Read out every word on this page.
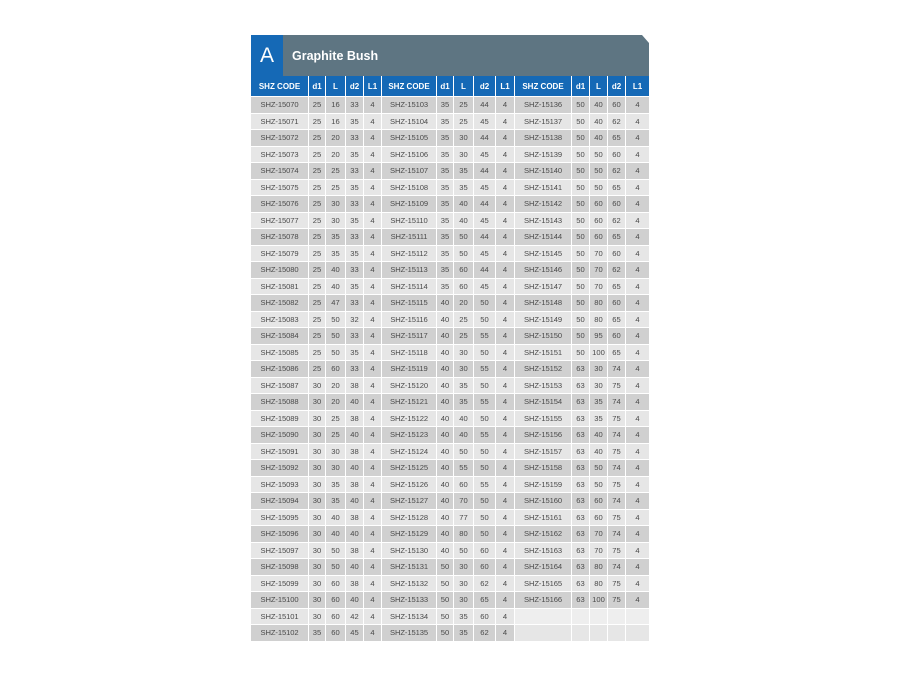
A	Graphite Bush
SHZ CODE	d1	L	d2	L1	SHZ CODE	d1	L	d2	L1	SHZ CODE	d1	L	d2	L1
SHZ-15070	25	16	33	4	SHZ-15103	35	25	44	4	SHZ-15136	50	40	60	4
SHZ-15071	25	16	35	4	SHZ-15104	35	25	45	4	SHZ-15137	50	40	62	4
SHZ-15072	25	20	33	4	SHZ-15105	35	30	44	4	SHZ-15138	50	40	65	4
SHZ-15073	25	20	35	4	SHZ-15106	35	30	45	4	SHZ-15139	50	50	60	4
SHZ-15074	25	25	33	4	SHZ-15107	35	35	44	4	SHZ-15140	50	50	62	4
SHZ-15075	25	25	35	4	SHZ-15108	35	35	45	4	SHZ-15141	50	50	65	4
SHZ-15076	25	30	33	4	SHZ-15109	35	40	44	4	SHZ-15142	50	60	60	4
SHZ-15077	25	30	35	4	SHZ-15110	35	40	45	4	SHZ-15143	50	60	62	4
SHZ-15078	25	35	33	4	SHZ-15111	35	50	44	4	SHZ-15144	50	60	65	4
SHZ-15079	25	35	35	4	SHZ-15112	35	50	45	4	SHZ-15145	50	70	60	4
SHZ-15080	25	40	33	4	SHZ-15113	35	60	44	4	SHZ-15146	50	70	62	4
SHZ-15081	25	40	35	4	SHZ-15114	35	60	45	4	SHZ-15147	50	70	65	4
SHZ-15082	25	47	33	4	SHZ-15115	40	20	50	4	SHZ-15148	50	80	60	4
SHZ-15083	25	50	32	4	SHZ-15116	40	25	50	4	SHZ-15149	50	80	65	4
SHZ-15084	25	50	33	4	SHZ-15117	40	25	55	4	SHZ-15150	50	95	60	4
SHZ-15085	25	50	35	4	SHZ-15118	40	30	50	4	SHZ-15151	50	100	65	4
SHZ-15086	25	60	33	4	SHZ-15119	40	30	55	4	SHZ-15152	63	30	74	4
SHZ-15087	30	20	38	4	SHZ-15120	40	35	50	4	SHZ-15153	63	30	75	4
SHZ-15088	30	20	40	4	SHZ-15121	40	35	55	4	SHZ-15154	63	35	74	4
SHZ-15089	30	25	38	4	SHZ-15122	40	40	50	4	SHZ-15155	63	35	75	4
SHZ-15090	30	25	40	4	SHZ-15123	40	40	55	4	SHZ-15156	63	40	74	4
SHZ-15091	30	30	38	4	SHZ-15124	40	50	50	4	SHZ-15157	63	40	75	4
SHZ-15092	30	30	40	4	SHZ-15125	40	55	50	4	SHZ-15158	63	50	74	4
SHZ-15093	30	35	38	4	SHZ-15126	40	60	55	4	SHZ-15159	63	50	75	4
SHZ-15094	30	35	40	4	SHZ-15127	40	70	50	4	SHZ-15160	63	60	74	4
SHZ-15095	30	40	38	4	SHZ-15128	40	77	50	4	SHZ-15161	63	60	75	4
SHZ-15096	30	40	40	4	SHZ-15129	40	80	50	4	SHZ-15162	63	70	74	4
SHZ-15097	30	50	38	4	SHZ-15130	40	50	60	4	SHZ-15163	63	70	75	4
SHZ-15098	30	50	40	4	SHZ-15131	50	30	60	4	SHZ-15164	63	80	74	4
SHZ-15099	30	60	38	4	SHZ-15132	50	30	62	4	SHZ-15165	63	80	75	4
SHZ-15100	30	60	40	4	SHZ-15133	50	30	65	4	SHZ-15166	63	100	75	4
SHZ-15101	30	60	42	4	SHZ-15134	50	35	60	4					
SHZ-15102	35	60	45	4	SHZ-15135	50	35	62	4					
